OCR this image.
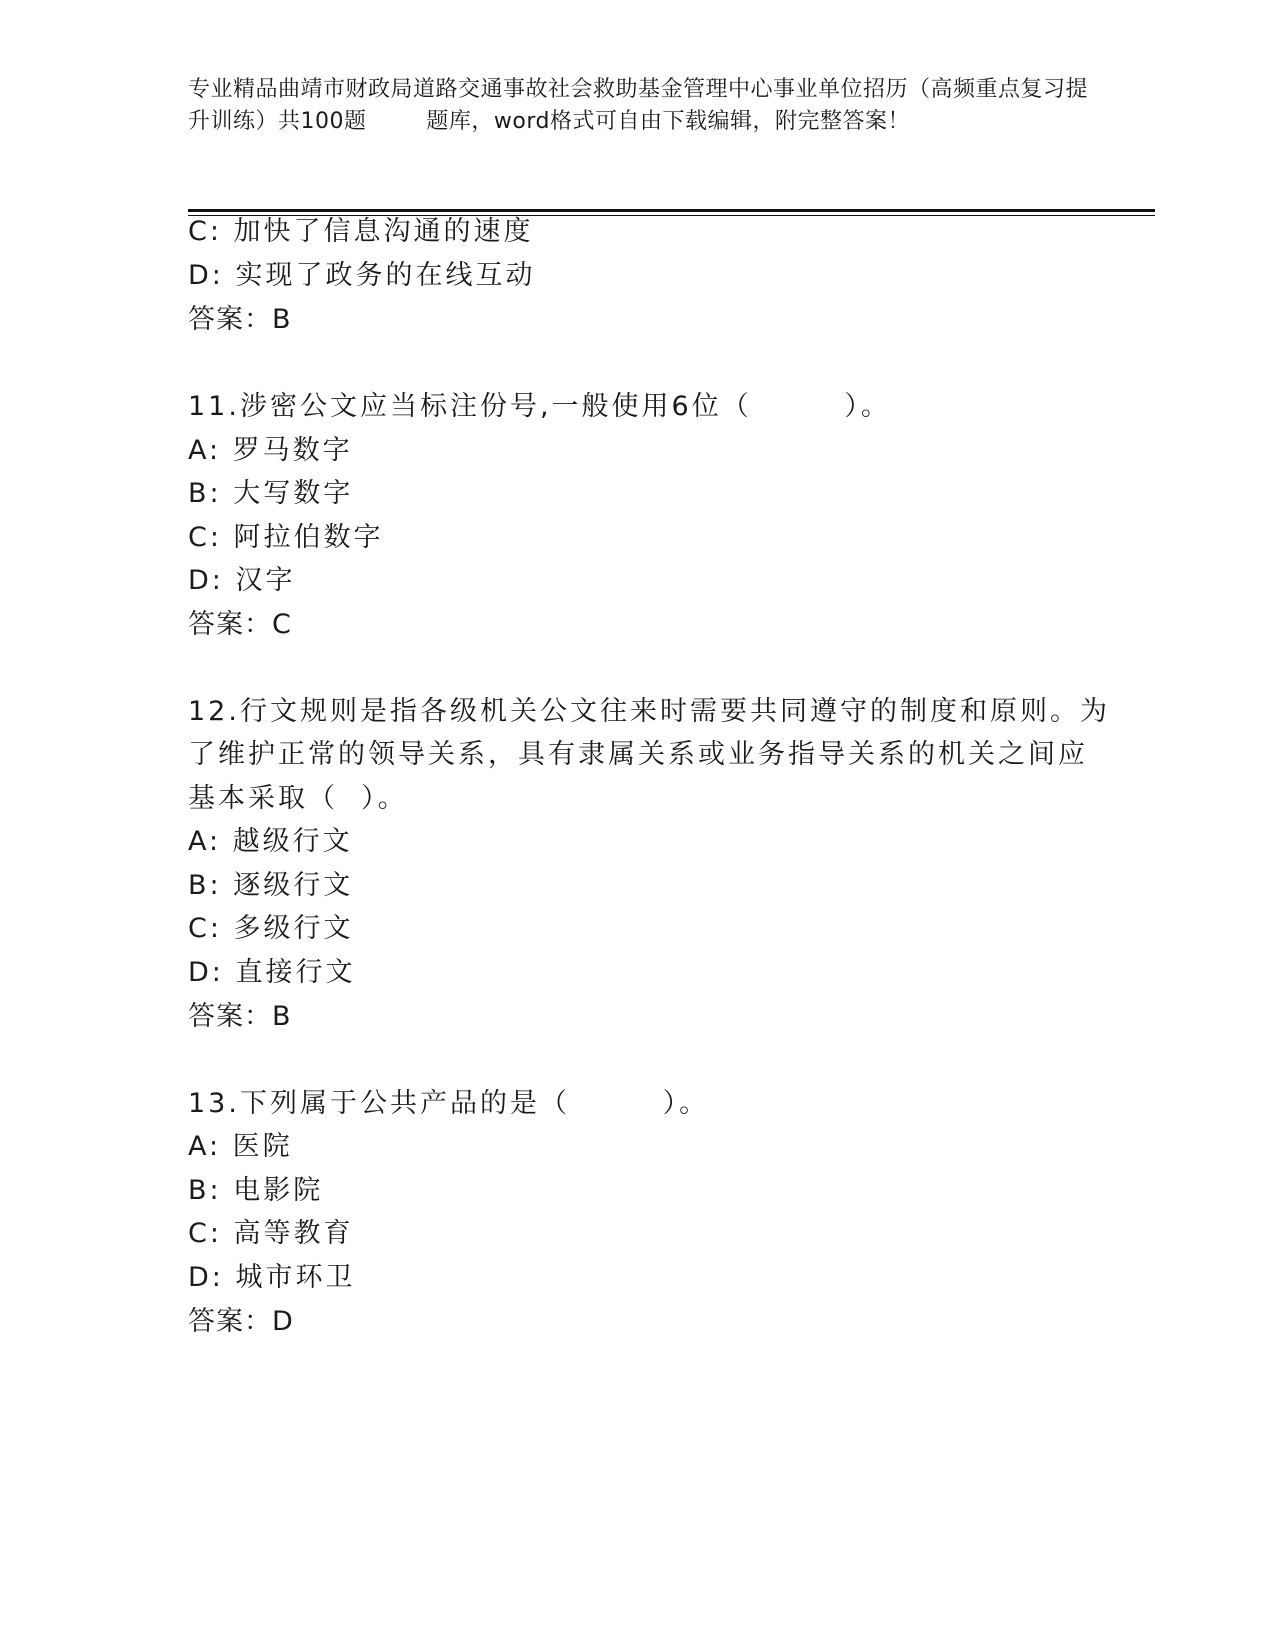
专业精品曲靖市财政局道路交通事故社会救助基金管理中心事业单位招历（高频重点复习提升训练）共100题        题库，word格式可自由下载编辑，附完整答案！
C: 加快了信息沟通的速度
D: 实现了政务的在线互动
答案：B
11.涉密公文应当标注份号,一般使用6位（        ）。
A: 罗马数字
B: 大写数字
C: 阿拉伯数字
D: 汉字
答案：C
12.行文规则是指各级机关公文往来时需要共同遵守的制度和原则。为
了维护正常的领导关系，具有隶属关系或业务指导关系的机关之间应
基本采取（  ）。
A: 越级行文
B: 逐级行文
C: 多级行文
D: 直接行文
答案：B
13.下列属于公共产品的是（        ）。
A: 医院
B: 电影院
C: 高等教育
D: 城市环卫
答案：D
